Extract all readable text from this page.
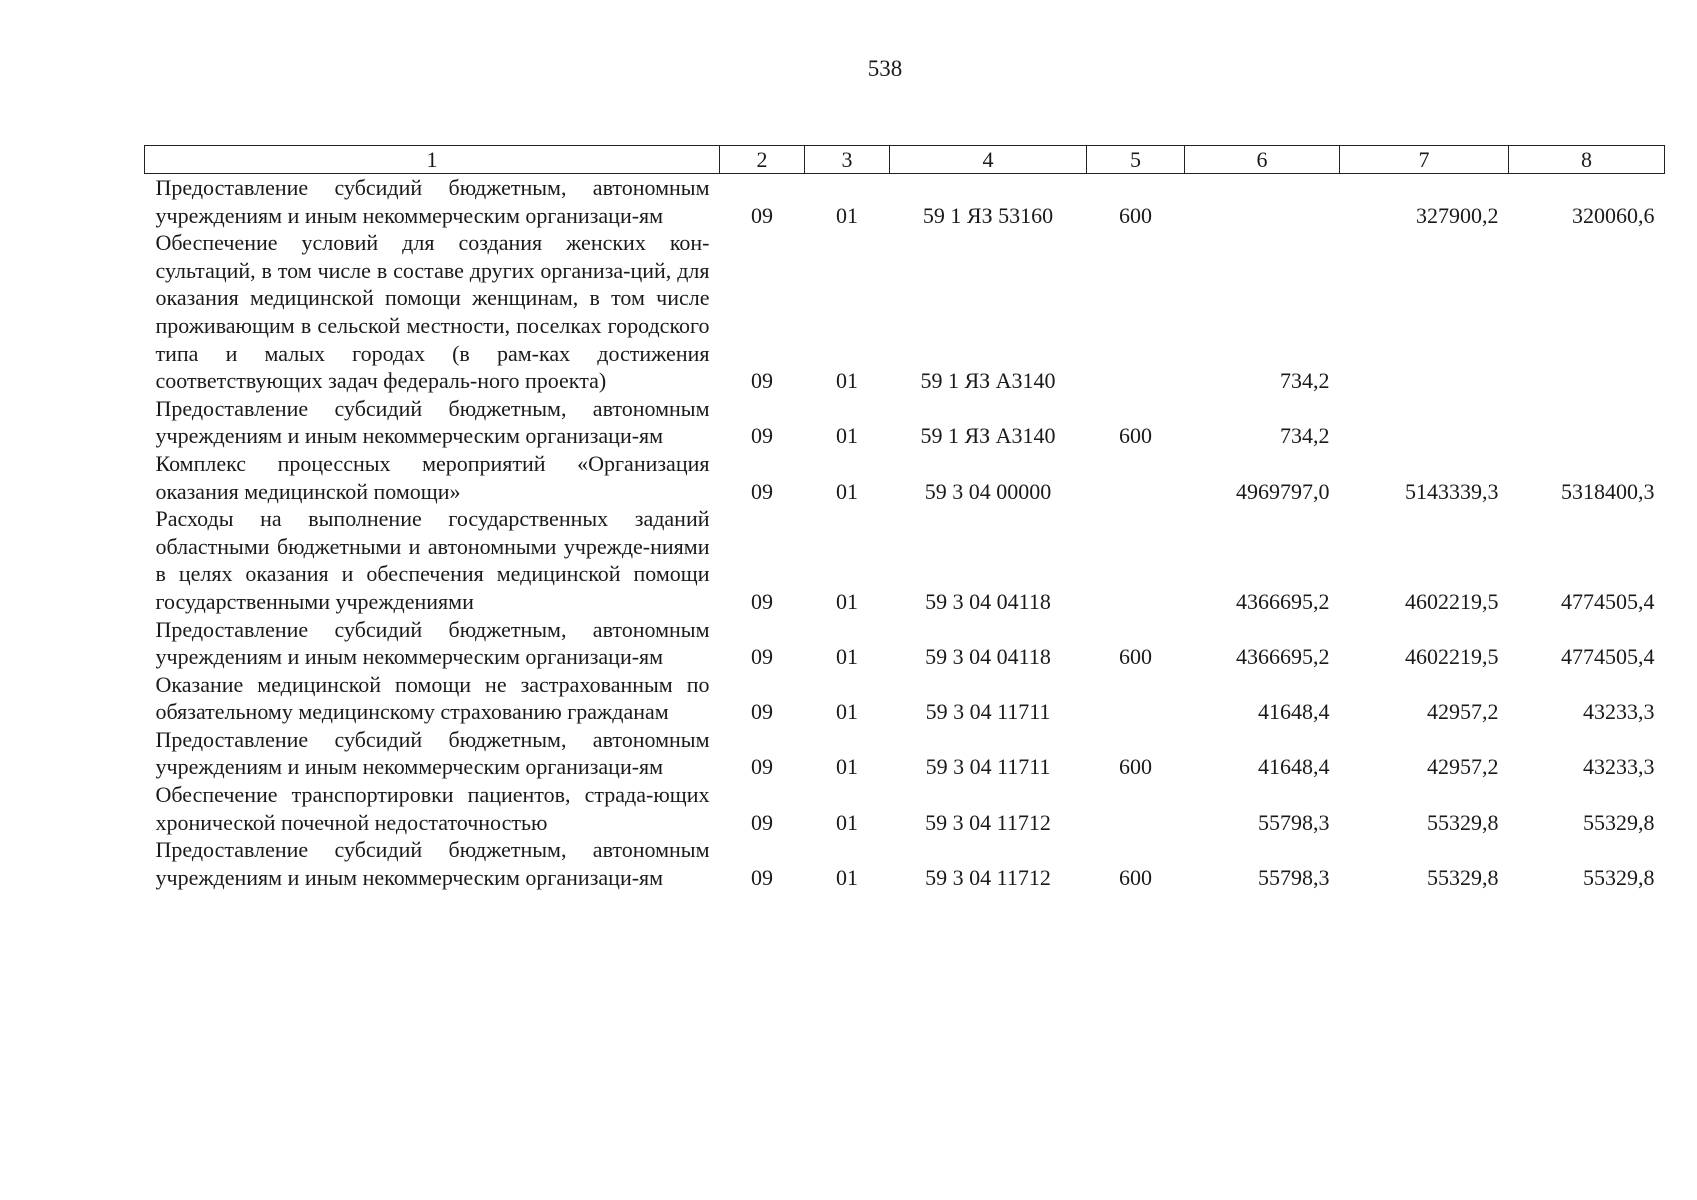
538
1	2	3	4	5	6	7	8
Предоставление субсидий бюджетным, автономным учреждениям и иным некоммерческим организаци-ям	09	01	59 1 ЯЗ 53160	600		327900,2	320060,6
Обеспечение условий для создания женских кон-сультаций, в том числе в составе других организа-ций, для оказания медицинской помощи женщинам, в том числе проживающим в сельской местности, поселках городского типа и малых городах (в рам-ках достижения соответствующих задач федераль-ного проекта)	09	01	59 1 ЯЗ А3140		734,2		
Предоставление субсидий бюджетным, автономным учреждениям и иным некоммерческим организаци-ям	09	01	59 1 ЯЗ А3140	600	734,2		
Комплекс процессных мероприятий «Организация оказания медицинской помощи»	09	01	59 3 04 00000		4969797,0	5143339,3	5318400,3
Расходы на выполнение государственных заданий областными бюджетными и автономными учрежде-ниями в целях оказания и обеспечения медицинской помощи государственными учреждениями	09	01	59 3 04 04118		4366695,2	4602219,5	4774505,4
Предоставление субсидий бюджетным, автономным учреждениям и иным некоммерческим организаци-ям	09	01	59 3 04 04118	600	4366695,2	4602219,5	4774505,4
Оказание медицинской помощи не застрахованным по обязательному медицинскому страхованию гражданам	09	01	59 3 04 11711		41648,4	42957,2	43233,3
Предоставление субсидий бюджетным, автономным учреждениям и иным некоммерческим организаци-ям	09	01	59 3 04 11711	600	41648,4	42957,2	43233,3
Обеспечение транспортировки пациентов, страда-ющих хронической почечной недостаточностью	09	01	59 3 04 11712		55798,3	55329,8	55329,8
Предоставление субсидий бюджетным, автономным учреждениям и иным некоммерческим организаци-ям	09	01	59 3 04 11712	600	55798,3	55329,8	55329,8
